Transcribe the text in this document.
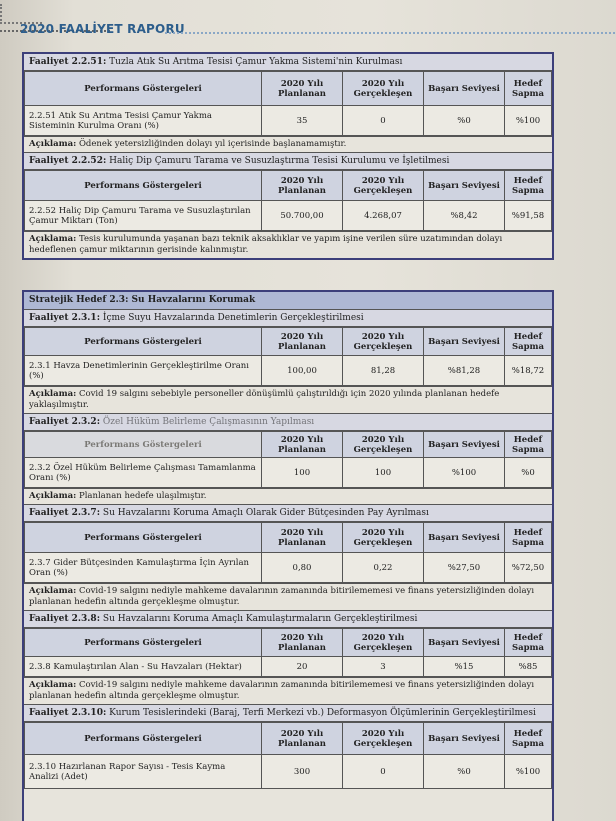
2020 FAALİYET RAPORU
Faaliyet 2.2.51: Tuzla Atık Su Arıtma Tesisi Çamur Yakma Sistemi'nin Kurulması
Performans Göstergeleri	2020 Yılı Planlanan	2020 Yılı Gerçekleşen	Başarı Seviyesi	Hedef Sapma
2.2.51 Atık Su Arıtma Tesisi Çamur Yakma Sisteminin Kurulma Oranı (%)	35	0	%0	%100
Açıklama: Ödenek yetersizliğinden dolayı yıl içerisinde başlanamamıştır.
Faaliyet 2.2.52: Haliç Dip Çamuru Tarama ve Susuzlaştırma Tesisi Kurulumu ve İşletilmesi
Performans Göstergeleri	2020 Yılı Planlanan	2020 Yılı Gerçekleşen	Başarı Seviyesi	Hedef Sapma
2.2.52 Haliç Dip Çamuru Tarama ve Susuzlaştırılan Çamur Miktarı (Ton)	50.700,00	4.268,07	%8,42	%91,58
Açıklama: Tesis kurulumunda yaşanan bazı teknik aksaklıklar ve yapım işine verilen süre uzatımından dolayı hedeflenen çamur miktarının gerisinde kalınmıştır.
Stratejik Hedef 2.3: Su Havzalarını Korumak
Faaliyet 2.3.1: İçme Suyu Havzalarında Denetimlerin Gerçekleştirilmesi
Performans Göstergeleri	2020 Yılı Planlanan	2020 Yılı Gerçekleşen	Başarı Seviyesi	Hedef Sapma
2.3.1 Havza Denetimlerinin Gerçekleştirilme Oranı (%)	100,00	81,28	%81,28	%18,72
Açıklama: Covid 19 salgını sebebiyle personeller dönüşümlü çalıştırıldığı için 2020 yılında planlanan hedefe yaklaşılmıştır.
Faaliyet 2.3.2: Özel Hüküm Belirleme Çalışmasının Yapılması
Performans Göstergeleri	2020 Yılı Planlanan	2020 Yılı Gerçekleşen	Başarı Seviyesi	Hedef Sapma
2.3.2 Özel Hüküm Belirleme Çalışması Tamamlanma Oranı (%)	100	100	%100	%0
Açıklama: Planlanan hedefe ulaşılmıştır.
Faaliyet 2.3.7: Su Havzalarını Koruma Amaçlı Olarak Gider Bütçesinden Pay Ayrılması
Performans Göstergeleri	2020 Yılı Planlanan	2020 Yılı Gerçekleşen	Başarı Seviyesi	Hedef Sapma
2.3.7 Gider Bütçesinden Kamulaştırma İçin Ayrılan Oran (%)	0,80	0,22	%27,50	%72,50
Açıklama: Covid-19 salgını nediyle mahkeme davalarının zamanında bitirilememesi ve finans yetersizliğinden dolayı planlanan hedefin altında gerçekleşme olmuştur.
Faaliyet 2.3.8: Su Havzalarını Koruma Amaçlı Kamulaştırmaların Gerçekleştirilmesi
Performans Göstergeleri	2020 Yılı Planlanan	2020 Yılı Gerçekleşen	Başarı Seviyesi	Hedef Sapma
2.3.8 Kamulaştırılan Alan - Su Havzaları (Hektar)	20	3	%15	%85
Açıklama: Covid-19 salgını nediyle mahkeme davalarının zamanında bitirilememesi ve finans yetersizliğinden dolayı planlanan hedefin altında gerçekleşme olmuştur.
Faaliyet 2.3.10: Kurum Tesislerindeki (Baraj, Terfi Merkezi vb.) Deformasyon Ölçümlerinin Gerçekleştirilmesi
Performans Göstergeleri	2020 Yılı Planlanan	2020 Yılı Gerçekleşen	Başarı Seviyesi	Hedef Sapma
2.3.10 Hazırlanan Rapor Sayısı - Tesis Kayma Analizi (Adet)	300	0	%0	%100
